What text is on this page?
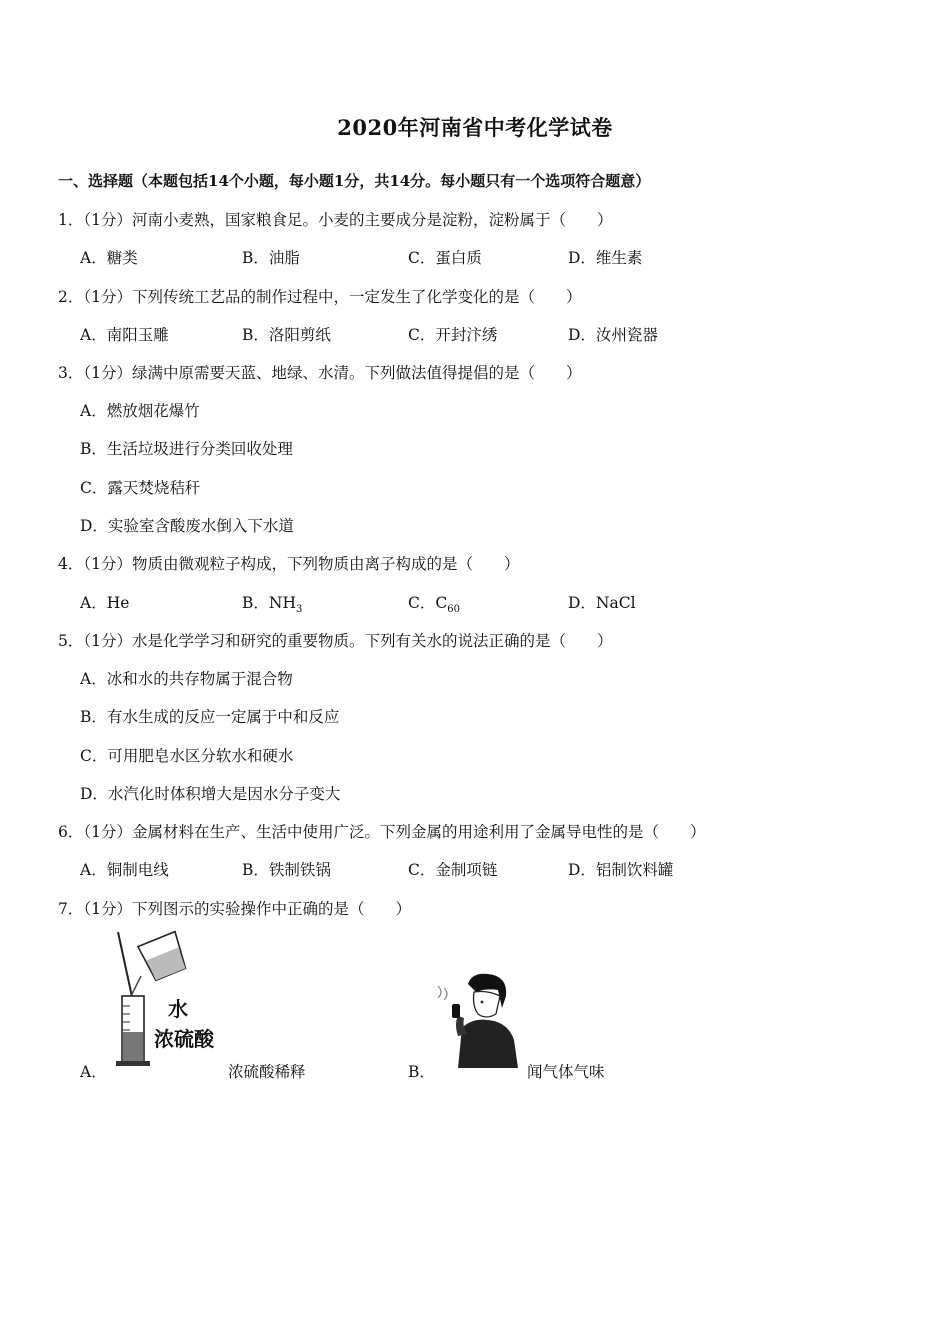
2020年河南省中考化学试卷
一、选择题（本题包括14个小题，每小题1分，共14分。每小题只有一个选项符合题意）
1．（1分）河南小麦熟，国家粮食足。小麦的主要成分是淀粉，淀粉属于（　　）
A．糖类	B．油脂	C．蛋白质	D．维生素
2．（1分）下列传统工艺品的制作过程中，一定发生了化学变化的是（　　）
A．南阳玉雕	B．洛阳剪纸	C．开封汴绣	D．汝州瓷器
3．（1分）绿满中原需要天蓝、地绿、水清。下列做法值得提倡的是（　　）
A．燃放烟花爆竹
B．生活垃圾进行分类回收处理
C．露天焚烧秸秆
D．实验室含酸废水倒入下水道
4．（1分）物质由微观粒子构成，下列物质由离子构成的是（　　）
A．He	B．$NH_3$	C．$C_{60}$	D．NaCl
5．（1分）水是化学学习和研究的重要物质。下列有关水的说法正确的是（　　）
A．冰和水的共存物属于混合物
B．有水生成的反应一定属于中和反应
C．可用肥皂水区分软水和硬水
D．水汽化时体积增大是因水分子变大
6．（1分）金属材料在生产、生活中使用广泛。下列金属的用途利用了金属导电性的是（　　）
A．铜制电线	B．铁制铁锅	C．金制项链	D．铝制饮料罐
7．（1分）下列图示的实验操作中正确的是（　　）
水
浓硫酸
A．	浓硫酸稀释	B．	闻气体气味
